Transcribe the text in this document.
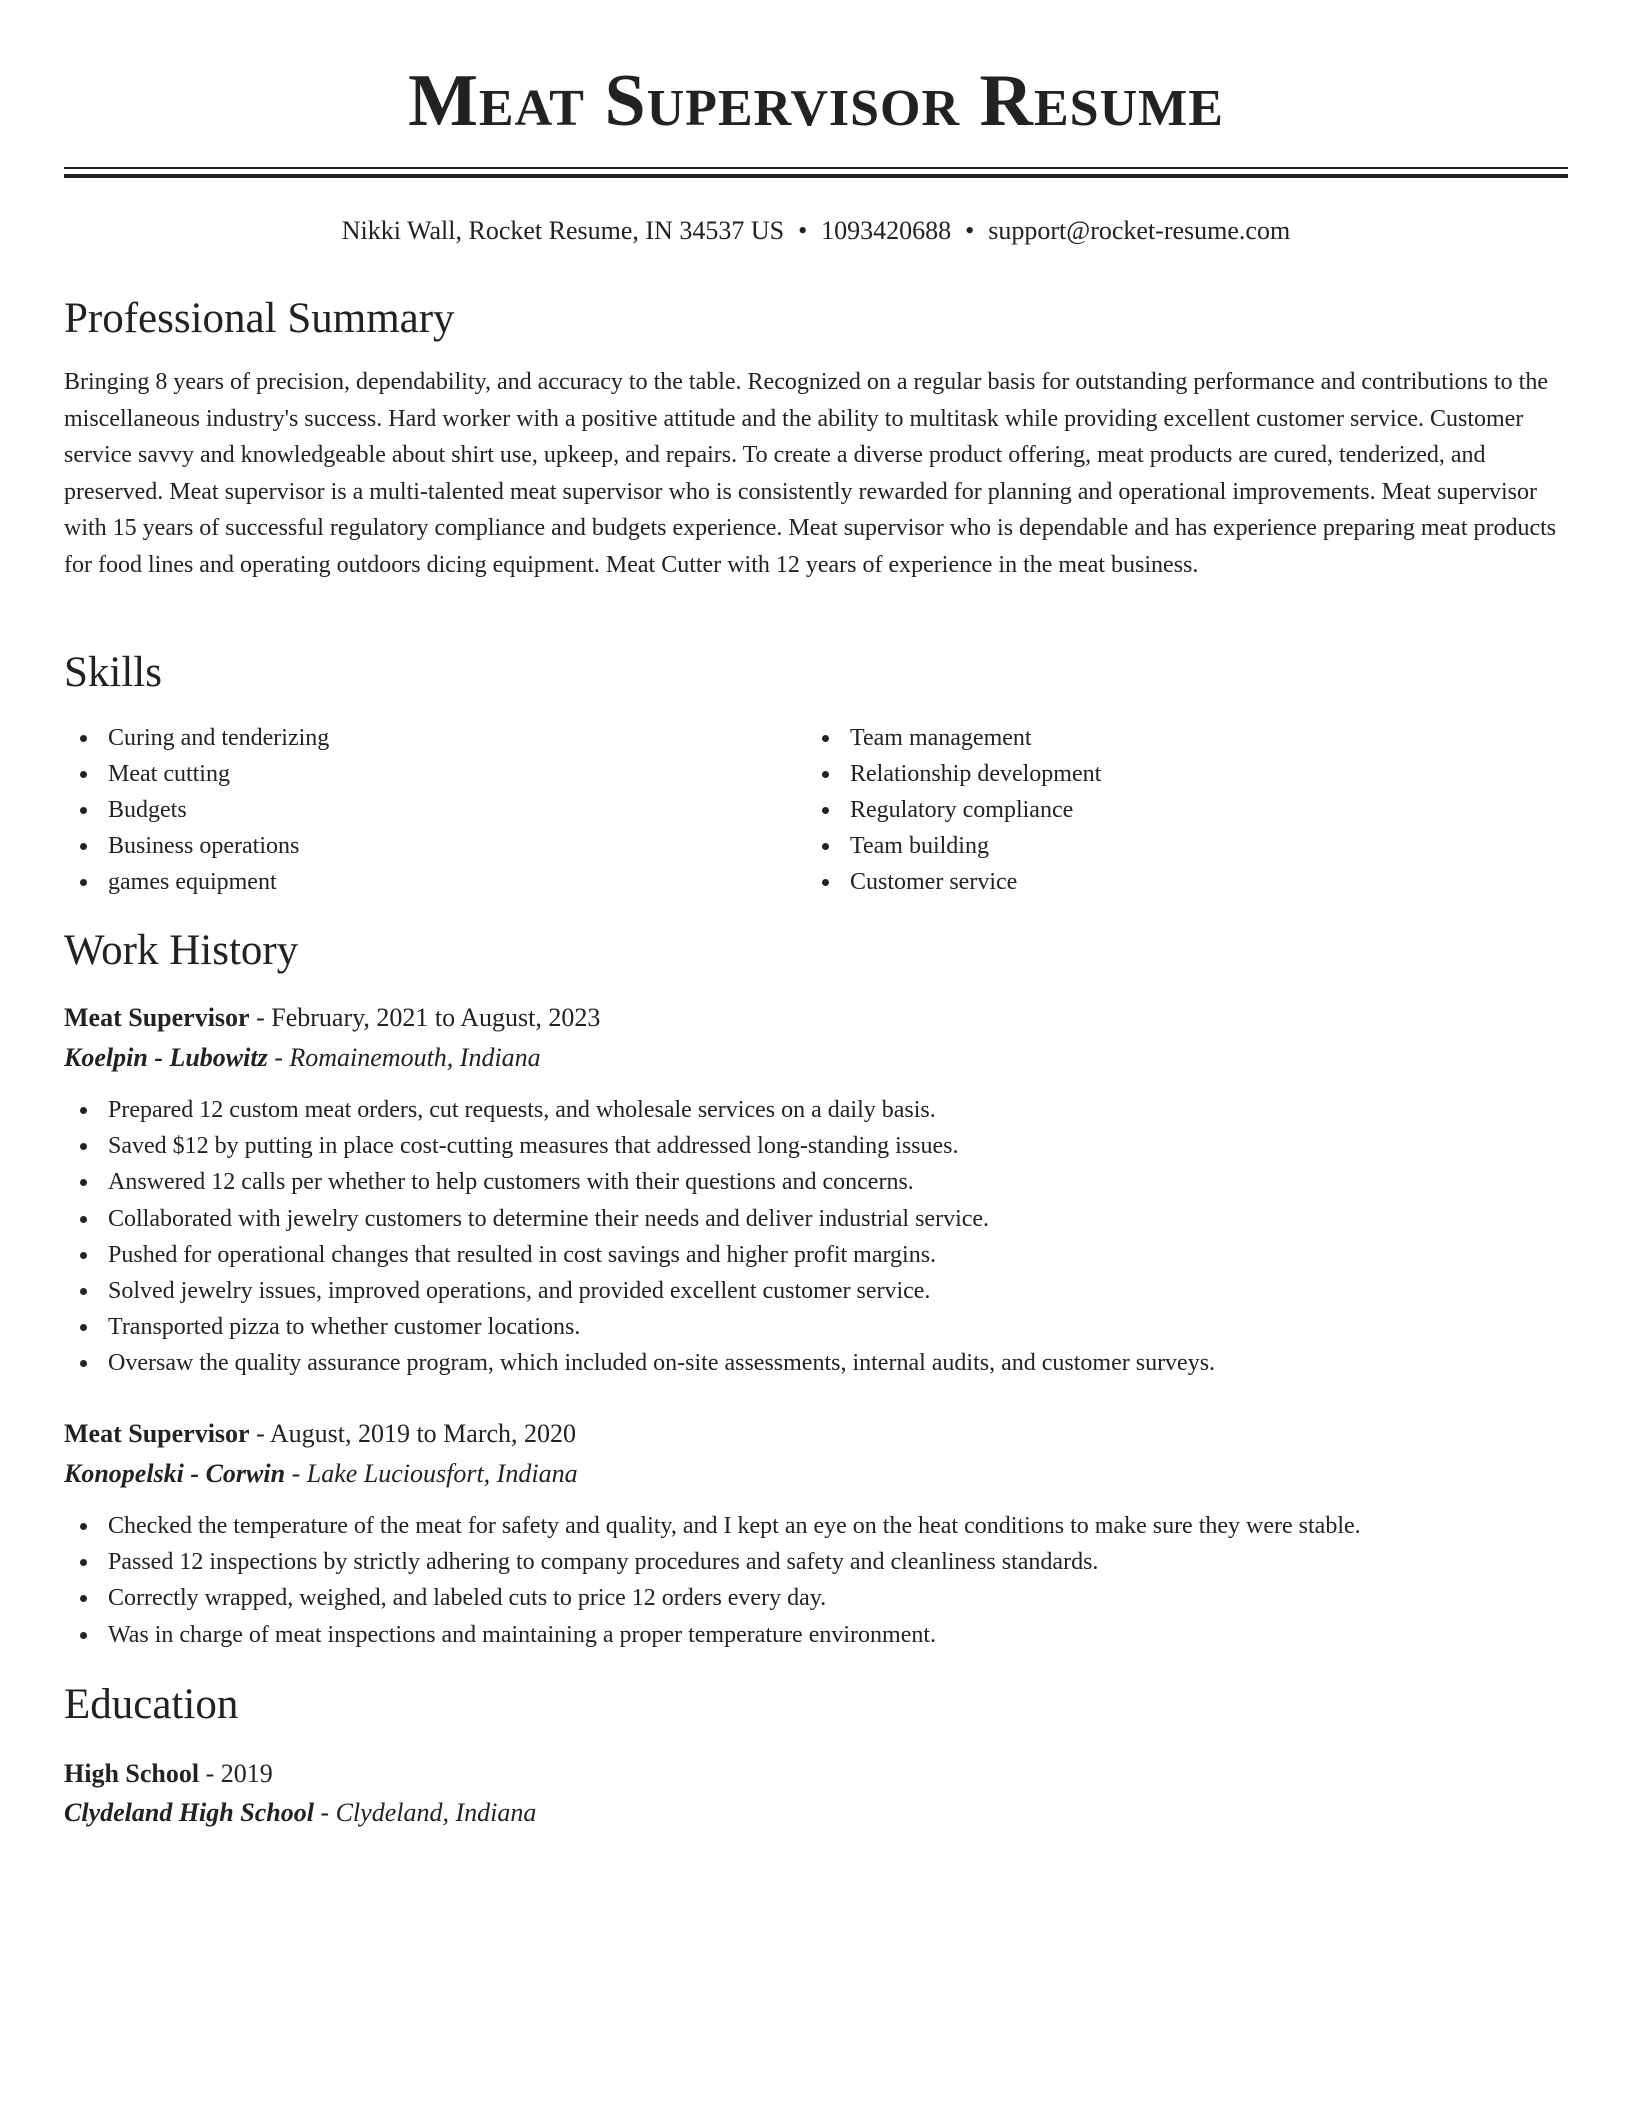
Meat Supervisor Resume
Nikki Wall, Rocket Resume, IN 34537 US • 1093420688 • support@rocket-resume.com
Professional Summary

Bringing 8 years of precision, dependability, and accuracy to the table. Recognized on a regular basis for outstanding performance and contributions to the miscellaneous industry's success. Hard worker with a positive attitude and the ability to multitask while providing excellent customer service. Customer service savvy and knowledgeable about shirt use, upkeep, and repairs. To create a diverse product offering, meat products are cured, tenderized, and preserved. Meat supervisor is a multi-talented meat supervisor who is consistently rewarded for planning and operational improvements. Meat supervisor with 15 years of successful regulatory compliance and budgets experience. Meat supervisor who is dependable and has experience preparing meat products for food lines and operating outdoors dicing equipment. Meat Cutter with 12 years of experience in the meat business.

Skills
Curing and tenderizing
Meat cutting
Budgets
Business operations
games equipment
Team management
Relationship development
Regulatory compliance
Team building
Customer service
Work History
Meat Supervisor - February, 2021 to August, 2023
Koelpin - Lubowitz - Romainemouth, Indiana
Prepared 12 custom meat orders, cut requests, and wholesale services on a daily basis.
Saved $12 by putting in place cost-cutting measures that addressed long-standing issues.
Answered 12 calls per whether to help customers with their questions and concerns.
Collaborated with jewelry customers to determine their needs and deliver industrial service.
Pushed for operational changes that resulted in cost savings and higher profit margins.
Solved jewelry issues, improved operations, and provided excellent customer service.
Transported pizza to whether customer locations.
Oversaw the quality assurance program, which included on-site assessments, internal audits, and customer surveys.
Meat Supervisor - August, 2019 to March, 2020
Konopelski - Corwin - Lake Luciousfort, Indiana
Checked the temperature of the meat for safety and quality, and I kept an eye on the heat conditions to make sure they were stable.
Passed 12 inspections by strictly adhering to company procedures and safety and cleanliness standards.
Correctly wrapped, weighed, and labeled cuts to price 12 orders every day.
Was in charge of meat inspections and maintaining a proper temperature environment.
Education
High School - 2019
Clydeland High School - Clydeland, Indiana
